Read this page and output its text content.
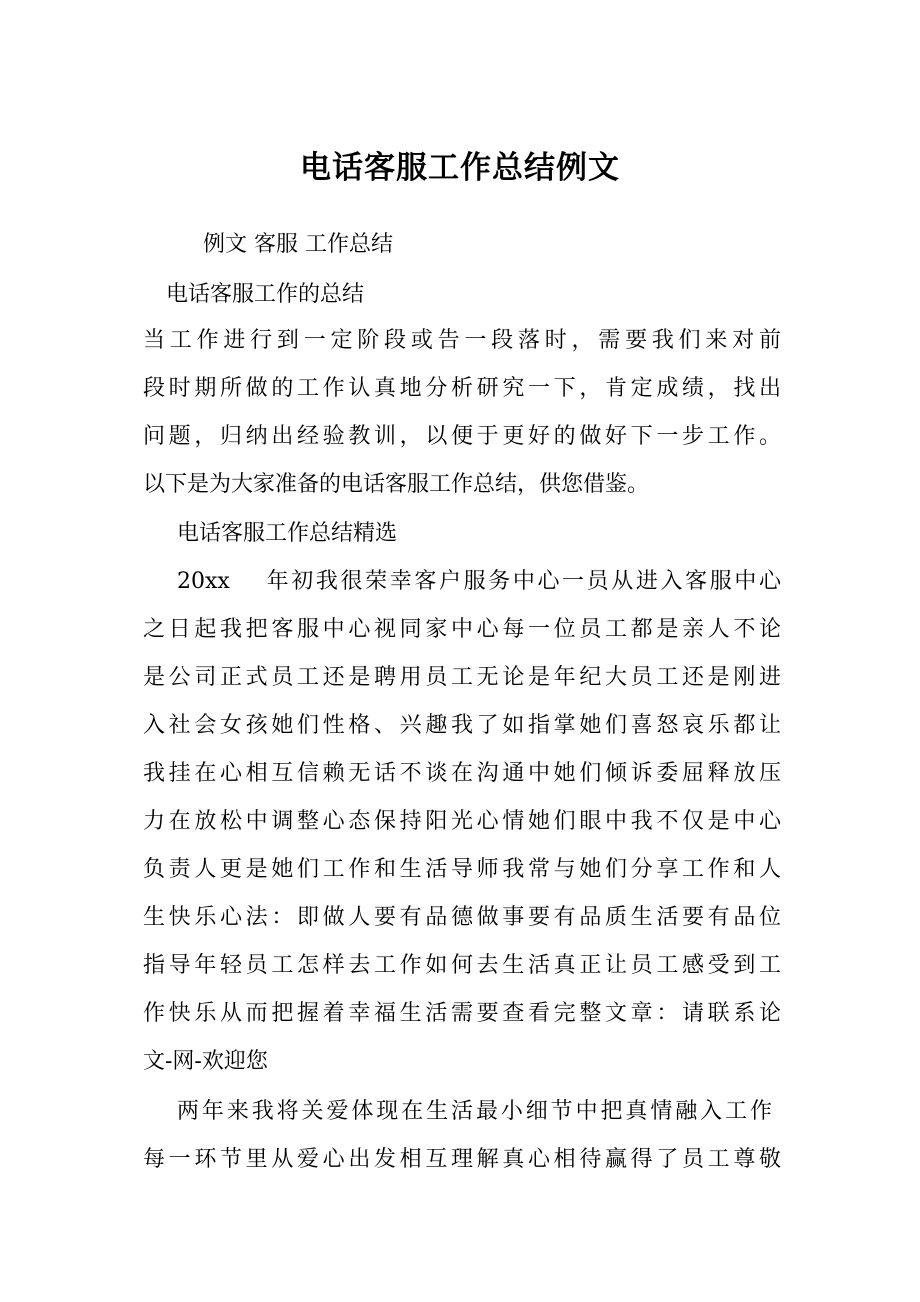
电话客服工作总结例文
例文 客服 工作总结
电话客服工作的总结
当工作进行到一定阶段或告一段落时，需要我们来对前
段时期所做的工作认真地分析研究一下，肯定成绩，找出
问题，归纳出经验教训，以便于更好的做好下一步工作。
以下是为大家准备的电话客服工作总结，供您借鉴。
电话客服工作总结精选
20xx　 年初我很荣幸客户服务中心一员从进入客服中心
之日起我把客服中心视同家中心每一位员工都是亲人不论
是公司正式员工还是聘用员工无论是年纪大员工还是刚进
入社会女孩她们性格、兴趣我了如指掌她们喜怒哀乐都让
我挂在心相互信赖无话不谈在沟通中她们倾诉委屈释放压
力在放松中调整心态保持阳光心情她们眼中我不仅是中心
负责人更是她们工作和生活导师我常与她们分享工作和人
生快乐心法：即做人要有品德做事要有品质生活要有品位
指导年轻员工怎样去工作如何去生活真正让员工感受到工
作快乐从而把握着幸福生活需要查看完整文章：请联系论
文-网-欢迎您
两年来我将关爱体现在生活最小细节中把真情融入工作
每一环节里从爱心出发相互理解真心相待赢得了员工尊敬
